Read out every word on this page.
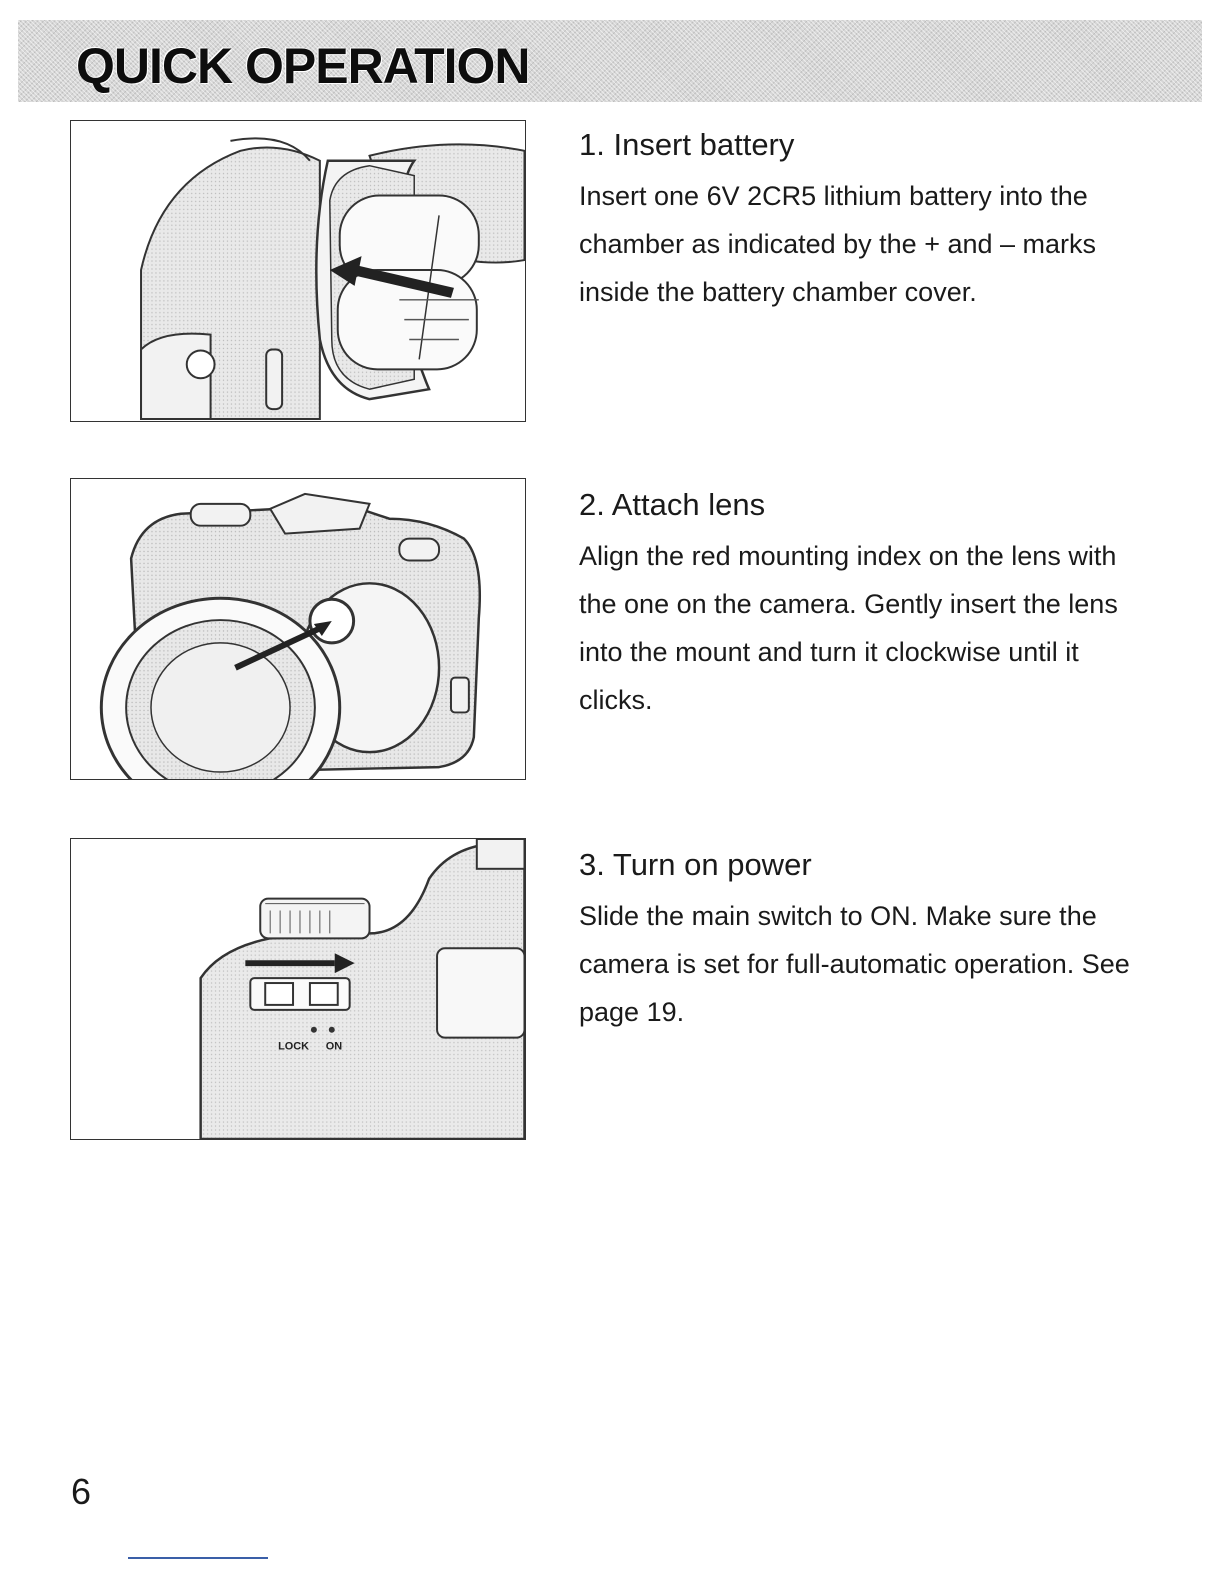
QUICK OPERATION
LOCK ON
1. Insert battery

Insert one 6V 2CR5 lithium battery into the chamber as indicated by the + and – marks inside the battery chamber cover.

2. Attach lens

Align the red mounting index on the lens with the one on the camera. Gently insert the lens into the mount and turn it clockwise until it clicks.

3. Turn on power

Slide the main switch to ON. Make sure the camera is set for full-automatic operation. See page 19.

6
